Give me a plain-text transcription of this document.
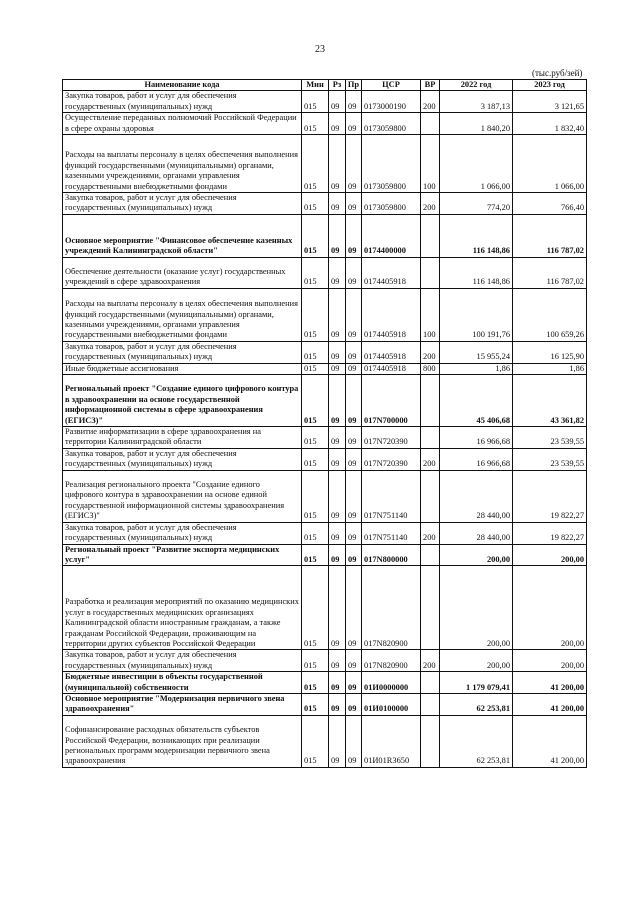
23
(тыс.руб/зей)
Наименование кода	Мин	Рз	Пр	ЦСР	ВР	2022 год	2023 год
Закупка товаров, работ и услуг для обеспечения государственных (муниципальных) нужд	015	09	09	0173000190	200	3 187,13	3 121,65
Осуществление переданных полномочий Российской Федерации в сфере охраны здоровья	015	09	09	0173059800		1 840,20	1 832,40
Расходы на выплаты персоналу в целях обеспечения выполнения функций государственными (муниципальными) органами, казенными учреждениями, органами управления государственными внебюджетными фондами	015	09	09	0173059800	100	1 066,00	1 066,00
Закупка товаров, работ и услуг для обеспечения государственных (муниципальных) нужд	015	09	09	0173059800	200	774,20	766,40
Основное мероприятие "Финансовое обеспечение казенных учреждений Калининградской области"	015	09	09	0174400000		116 148,86	116 787,02
Обеспечение деятельности (оказание услуг) государственных учреждений в сфере здравоохранения	015	09	09	0174405918		116 148,86	116 787,02
Расходы на выплаты персоналу в целях обеспечения выполнения функций государственными (муниципальными) органами, казенными учреждениями, органами управления государственными внебюджетными фондами	015	09	09	0174405918	100	100 191,76	100 659,26
Закупка товаров, работ и услуг для обеспечения государственных (муниципальных) нужд	015	09	09	0174405918	200	15 955,24	16 125,90
Иные бюджетные ассигнования	015	09	09	0174405918	800	1,86	1,86
Региональный проект "Создание единого цифрового контура в здравоохранении на основе государственной информационной системы в сфере здравоохранения (ЕГИСЗ)"	015	09	09	017N700000		45 406,68	43 361,82
Развитие информатизации в сфере здравоохранения на территории Калининградской области	015	09	09	017N720390		16 966,68	23 539,55
Закупка товаров, работ и услуг для обеспечения государственных (муниципальных) нужд	015	09	09	017N720390	200	16 966,68	23 539,55
Реализация регионального проекта "Создание единого цифрового контура в здравоохранении на основе единой государственной информационной системы здравоохранения (ЕГИСЗ)"	015	09	09	017N751140		28 440,00	19 822,27
Закупка товаров, работ и услуг для обеспечения государственных (муниципальных) нужд	015	09	09	017N751140	200	28 440,00	19 822,27
Региональный проект "Развитие экспорта медицинских услуг"	015	09	09	017N800000		200,00	200,00
Разработка и реализация мероприятий по оказанию медицинских услуг в государственных медицинских организациях Калининградской области иностранным гражданам, а также гражданам Российской Федерации, проживающим на территории других субъектов Российской Федерации	015	09	09	017N820900		200,00	200,00
Закупка товаров, работ и услуг для обеспечения государственных (муниципальных) нужд	015	09	09	017N820900	200	200,00	200,00
Бюджетные инвестиции в объекты государственной (муниципальной) собственности	015	09	09	01И0000000		1 179 079,41	41 200,00
Основное мероприятие "Модернизация первичного звена здравоохранения"	015	09	09	01И0100000		62 253,81	41 200,00
Софинансирование расходных обязательств субъектов Российской Федерации, возникающих при реализации региональных программ модернизации первичного звена здравоохранения	015	09	09	01И01R3650		62 253,81	41 200,00
